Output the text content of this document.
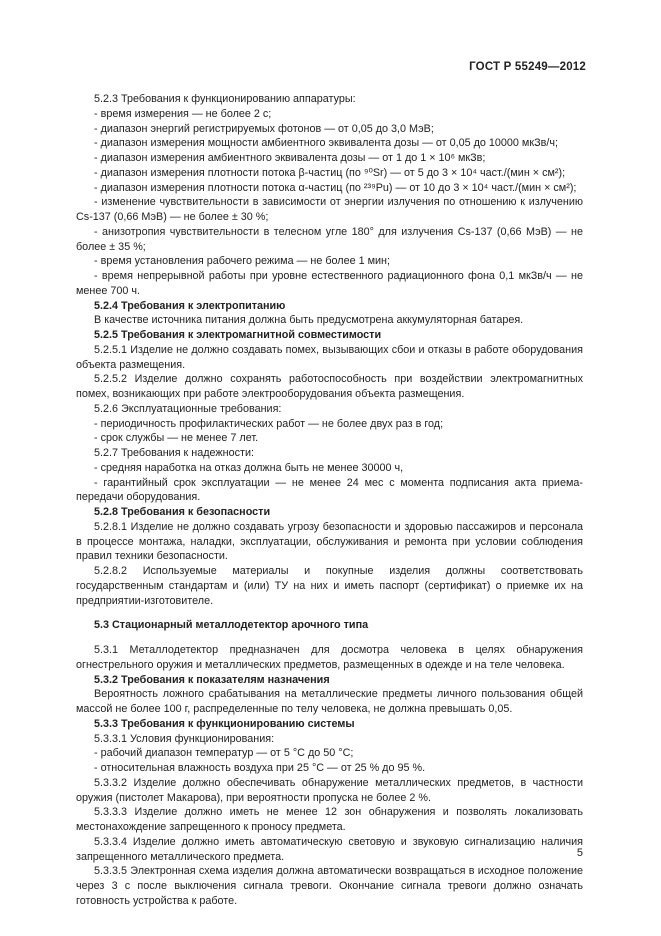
ГОСТ Р 55249—2012

5.2.3 Требования к функционированию аппаратуры:

- время измерения — не более 2 с;

- диапазон энергий регистрируемых фотонов — от 0,05 до 3,0 МэВ;

- диапазон измерения мощности амбиентного эквивалента дозы — от 0,05 до 10000 мкЗв/ч;

- диапазон измерения амбиентного эквивалента дозы — от 1 до 1 × 10⁶ мкЗв;

- диапазон измерения плотности потока β-частиц (по ⁹⁰Sr) — от 5 до 3 × 10⁴ част./(мин × см²);

- диапазон измерения плотности потока α-частиц (по ²³⁹Pu) — от 10 до 3 × 10⁴ част./(мин × см²);

- изменение чувствительности в зависимости от энергии излучения по отношению к излучению Cs-137 (0,66 МэВ) — не более ± 30 %;

- анизотропия чувствительности в телесном угле 180° для излучения Cs-137 (0,66 МэВ) — не более ± 35 %;

- время установления рабочего режима — не более 1 мин;

- время непрерывной работы при уровне естественного радиационного фона 0,1 мкЗв/ч — не менее 700 ч.

5.2.4 Требования к электропитанию

В качестве источника питания должна быть предусмотрена аккумуляторная батарея.

5.2.5 Требования к электромагнитной совместимости

5.2.5.1 Изделие не должно создавать помех, вызывающих сбои и отказы в работе оборудования объекта размещения.

5.2.5.2 Изделие должно сохранять работоспособность при воздействии электромагнитных помех, возникающих при работе электрооборудования объекта размещения.

5.2.6 Эксплуатационные требования:

- периодичность профилактических работ — не более двух раз в год;

- срок службы — не менее 7 лет.

5.2.7 Требования к надежности:

- средняя наработка на отказ должна быть не менее 30000 ч,

- гарантийный срок эксплуатации — не менее 24 мес с момента подписания акта приема-передачи оборудования.

5.2.8 Требования к безопасности

5.2.8.1 Изделие не должно создавать угрозу безопасности и здоровью пассажиров и персонала в процессе монтажа, наладки, эксплуатации, обслуживания и ремонта при условии соблюдения правил техники безопасности.

5.2.8.2 Используемые материалы и покупные изделия должны соответствовать государственным стандартам и (или) ТУ на них и иметь паспорт (сертификат) о приемке их на предприятии-изготовителе.

5.3 Стационарный металлодетектор арочного типа

5.3.1 Металлодетектор предназначен для досмотра человека в целях обнаружения огнестрельного оружия и металлических предметов, размещенных в одежде и на теле человека.

5.3.2 Требования к показателям назначения

Вероятность ложного срабатывания на металлические предметы личного пользования общей массой не более 100 г, распределенные по телу человека, не должна превышать 0,05.

5.3.3 Требования к функционированию системы

5.3.3.1 Условия функционирования:

- рабочий диапазон температур — от 5 °С до 50 °С;

- относительная влажность воздуха при 25 °С — от 25 % до 95 %.

5.3.3.2 Изделие должно обеспечивать обнаружение металлических предметов, в частности оружия (пистолет Макарова), при вероятности пропуска не более 2 %.

5.3.3.3 Изделие должно иметь не менее 12 зон обнаружения и позволять локализовать местонахождение запрещенного к проносу предмета.

5.3.3.4 Изделие должно иметь автоматическую световую и звуковую сигнализацию наличия запрещенного металлического предмета.

5.3.3.5 Электронная схема изделия должна автоматически возвращаться в исходное положение через 3 с после выключения сигнала тревоги. Окончание сигнала тревоги должно означать готовность устройства к работе.

5
